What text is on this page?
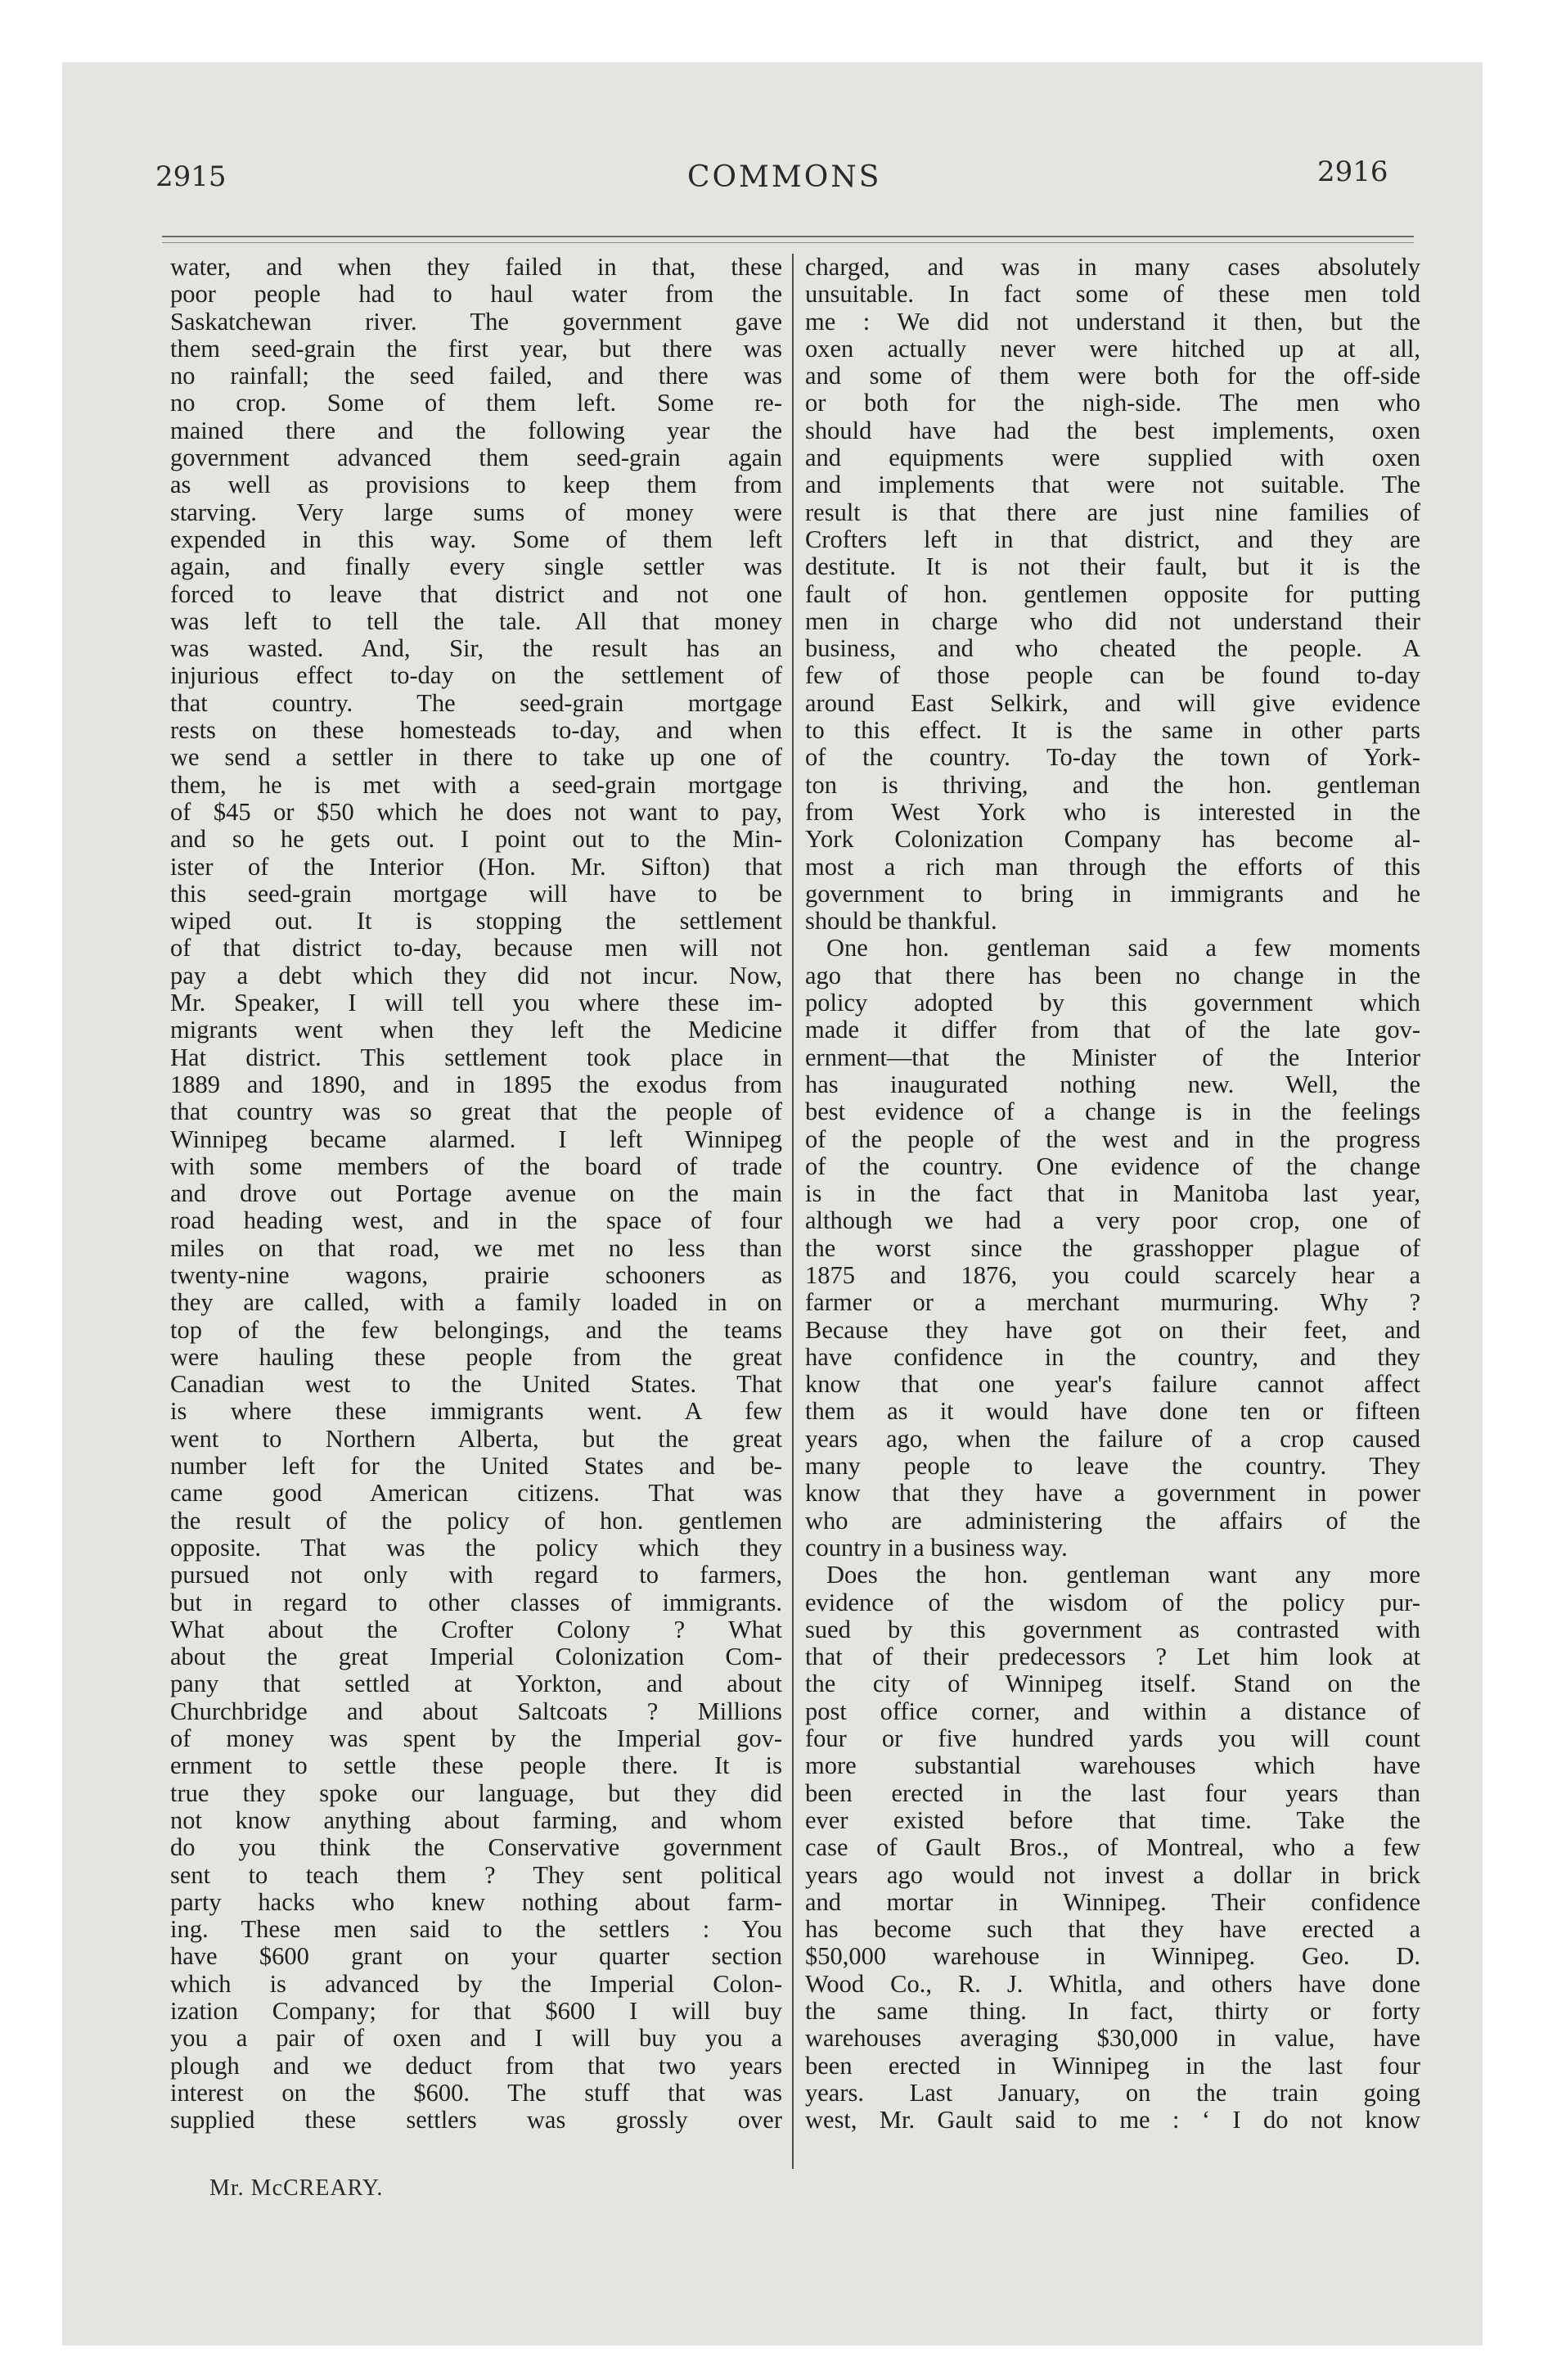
2915	COMMONS	2916
water, and when they failed in that, these
poor people had to haul water from the
Saskatchewan river. The government gave
them seed-grain the first year, but there was
no rainfall; the seed failed, and there was
no crop. Some of them left. Some re-
mained there and the following year the
government advanced them seed-grain again
as well as provisions to keep them from
starving. Very large sums of money were
expended in this way. Some of them left
again, and finally every single settler was
forced to leave that district and not one
was left to tell the tale. All that money
was wasted. And, Sir, the result has an
injurious effect to-day on the settlement of
that country. The seed-grain mortgage
rests on these homesteads to-day, and when
we send a settler in there to take up one of
them, he is met with a seed-grain mortgage
of $45 or $50 which he does not want to pay,
and so he gets out. I point out to the Min-
ister of the Interior (Hon. Mr. Sifton) that
this seed-grain mortgage will have to be
wiped out. It is stopping the settlement
of that district to-day, because men will not
pay a debt which they did not incur. Now,
Mr. Speaker, I will tell you where these im-
migrants went when they left the Medicine
Hat district. This settlement took place in
1889 and 1890, and in 1895 the exodus from
that country was so great that the people of
Winnipeg became alarmed. I left Winnipeg
with some members of the board of trade
and drove out Portage avenue on the main
road heading west, and in the space of four
miles on that road, we met no less than
twenty-nine wagons, prairie schooners as
they are called, with a family loaded in on
top of the few belongings, and the teams
were hauling these people from the great
Canadian west to the United States. That
is where these immigrants went. A few
went to Northern Alberta, but the great
number left for the United States and be-
came good American citizens. That was
the result of the policy of hon. gentlemen
opposite. That was the policy which they
pursued not only with regard to farmers,
but in regard to other classes of immigrants.
What about the Crofter Colony ? What
about the great Imperial Colonization Com-
pany that settled at Yorkton, and about
Churchbridge and about Saltcoats ? Millions
of money was spent by the Imperial gov-
ernment to settle these people there. It is
true they spoke our language, but they did
not know anything about farming, and whom
do you think the Conservative government
sent to teach them ? They sent political
party hacks who knew nothing about farm-
ing. These men said to the settlers : You
have $600 grant on your quarter section
which is advanced by the Imperial Colon-
ization Company; for that $600 I will buy
you a pair of oxen and I will buy you a
plough and we deduct from that two years
interest on the $600. The stuff that was
supplied these settlers was grossly over
charged, and was in many cases absolutely
unsuitable. In fact some of these men told
me : We did not understand it then, but the
oxen actually never were hitched up at all,
and some of them were both for the off-side
or both for the nigh-side. The men who
should have had the best implements, oxen
and equipments were supplied with oxen
and implements that were not suitable. The
result is that there are just nine families of
Crofters left in that district, and they are
destitute. It is not their fault, but it is the
fault of hon. gentlemen opposite for putting
men in charge who did not understand their
business, and who cheated the people. A
few of those people can be found to-day
around East Selkirk, and will give evidence
to this effect. It is the same in other parts
of the country. To-day the town of York-
ton is thriving, and the hon. gentleman
from West York who is interested in the
York Colonization Company has become al-
most a rich man through the efforts of this
government to bring in immigrants and he
should be thankful.
One hon. gentleman said a few moments
ago that there has been no change in the
policy adopted by this government which
made it differ from that of the late gov-
ernment—that the Minister of the Interior
has inaugurated nothing new. Well, the
best evidence of a change is in the feelings
of the people of the west and in the progress
of the country. One evidence of the change
is in the fact that in Manitoba last year,
although we had a very poor crop, one of
the worst since the grasshopper plague of
1875 and 1876, you could scarcely hear a
farmer or a merchant murmuring. Why ?
Because they have got on their feet, and
have confidence in the country, and they
know that one year's failure cannot affect
them as it would have done ten or fifteen
years ago, when the failure of a crop caused
many people to leave the country. They
know that they have a government in power
who are administering the affairs of the
country in a business way.
Does the hon. gentleman want any more
evidence of the wisdom of the policy pur-
sued by this government as contrasted with
that of their predecessors ? Let him look at
the city of Winnipeg itself. Stand on the
post office corner, and within a distance of
four or five hundred yards you will count
more substantial warehouses which have
been erected in the last four years than
ever existed before that time. Take the
case of Gault Bros., of Montreal, who a few
years ago would not invest a dollar in brick
and mortar in Winnipeg. Their confidence
has become such that they have erected a
$50,000 warehouse in Winnipeg. Geo. D.
Wood Co., R. J. Whitla, and others have done
the same thing. In fact, thirty or forty
warehouses averaging $30,000 in value, have
been erected in Winnipeg in the last four
years. Last January, on the train going
west, Mr. Gault said to me : ‘ I do not know
Mr. McCREARY.
